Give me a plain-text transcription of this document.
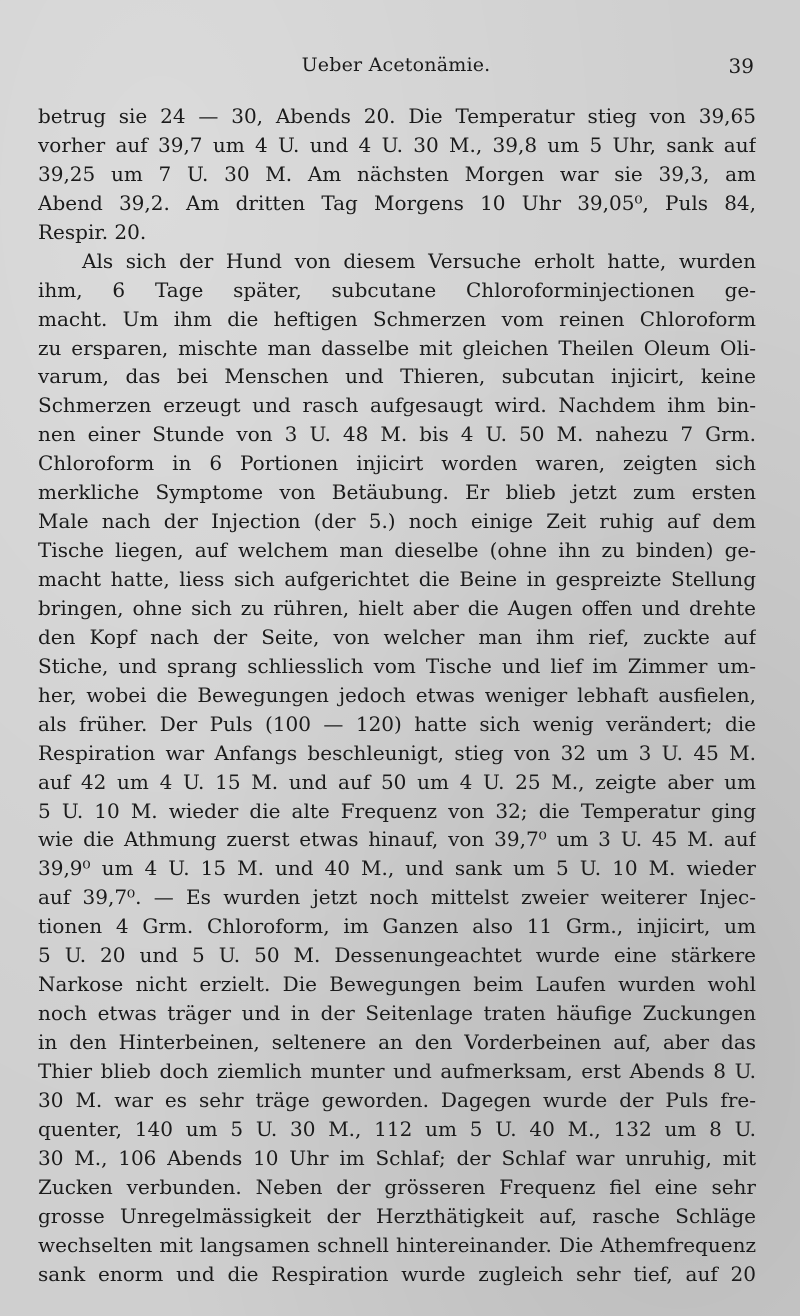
Ueber Acetonämie.	39
betrug sie 24 — 30, Abends 20. Die Temperatur stieg von 39,65
vorher auf 39,7 um 4 U. und 4 U. 30 M., 39,8 um 5 Uhr, sank auf
39,25 um 7 U. 30 M. Am nächsten Morgen war sie 39,3, am
Abend 39,2. Am dritten Tag Morgens 10 Uhr 39,05⁰, Puls 84,
Respir. 20.
Als sich der Hund von diesem Versuche erholt hatte, wurden
ihm, 6 Tage später, subcutane Chloroforminjectionen ge-
macht. Um ihm die heftigen Schmerzen vom reinen Chloroform
zu ersparen, mischte man dasselbe mit gleichen Theilen Oleum Oli-
varum, das bei Menschen und Thieren, subcutan injicirt, keine
Schmerzen erzeugt und rasch aufgesaugt wird. Nachdem ihm bin-
nen einer Stunde von 3 U. 48 M. bis 4 U. 50 M. nahezu 7 Grm.
Chloroform in 6 Portionen injicirt worden waren, zeigten sich
merkliche Symptome von Betäubung. Er blieb jetzt zum ersten
Male nach der Injection (der 5.) noch einige Zeit ruhig auf dem
Tische liegen, auf welchem man dieselbe (ohne ihn zu binden) ge-
macht hatte, liess sich aufgerichtet die Beine in gespreizte Stellung
bringen, ohne sich zu rühren, hielt aber die Augen offen und drehte
den Kopf nach der Seite, von welcher man ihm rief, zuckte auf
Stiche, und sprang schliesslich vom Tische und lief im Zimmer um-
her, wobei die Bewegungen jedoch etwas weniger lebhaft ausfielen,
als früher. Der Puls (100 — 120) hatte sich wenig verändert; die
Respiration war Anfangs beschleunigt, stieg von 32 um 3 U. 45 M.
auf 42 um 4 U. 15 M. und auf 50 um 4 U. 25 M., zeigte aber um
5 U. 10 M. wieder die alte Frequenz von 32; die Temperatur ging
wie die Athmung zuerst etwas hinauf, von 39,7⁰ um 3 U. 45 M. auf
39,9⁰ um 4 U. 15 M. und 40 M., und sank um 5 U. 10 M. wieder
auf 39,7⁰. — Es wurden jetzt noch mittelst zweier weiterer Injec-
tionen 4 Grm. Chloroform, im Ganzen also 11 Grm., injicirt, um
5 U. 20 und 5 U. 50 M. Dessenungeachtet wurde eine stärkere
Narkose nicht erzielt. Die Bewegungen beim Laufen wurden wohl
noch etwas träger und in der Seitenlage traten häufige Zuckungen
in den Hinterbeinen, seltenere an den Vorderbeinen auf, aber das
Thier blieb doch ziemlich munter und aufmerksam, erst Abends 8 U.
30 M. war es sehr träge geworden. Dagegen wurde der Puls fre-
quenter, 140 um 5 U. 30 M., 112 um 5 U. 40 M., 132 um 8 U.
30 M., 106 Abends 10 Uhr im Schlaf; der Schlaf war unruhig, mit
Zucken verbunden. Neben der grösseren Frequenz fiel eine sehr
grosse Unregelmässigkeit der Herzthätigkeit auf, rasche Schläge
wechselten mit langsamen schnell hintereinander. Die Athemfrequenz
sank enorm und die Respiration wurde zugleich sehr tief, auf 20
